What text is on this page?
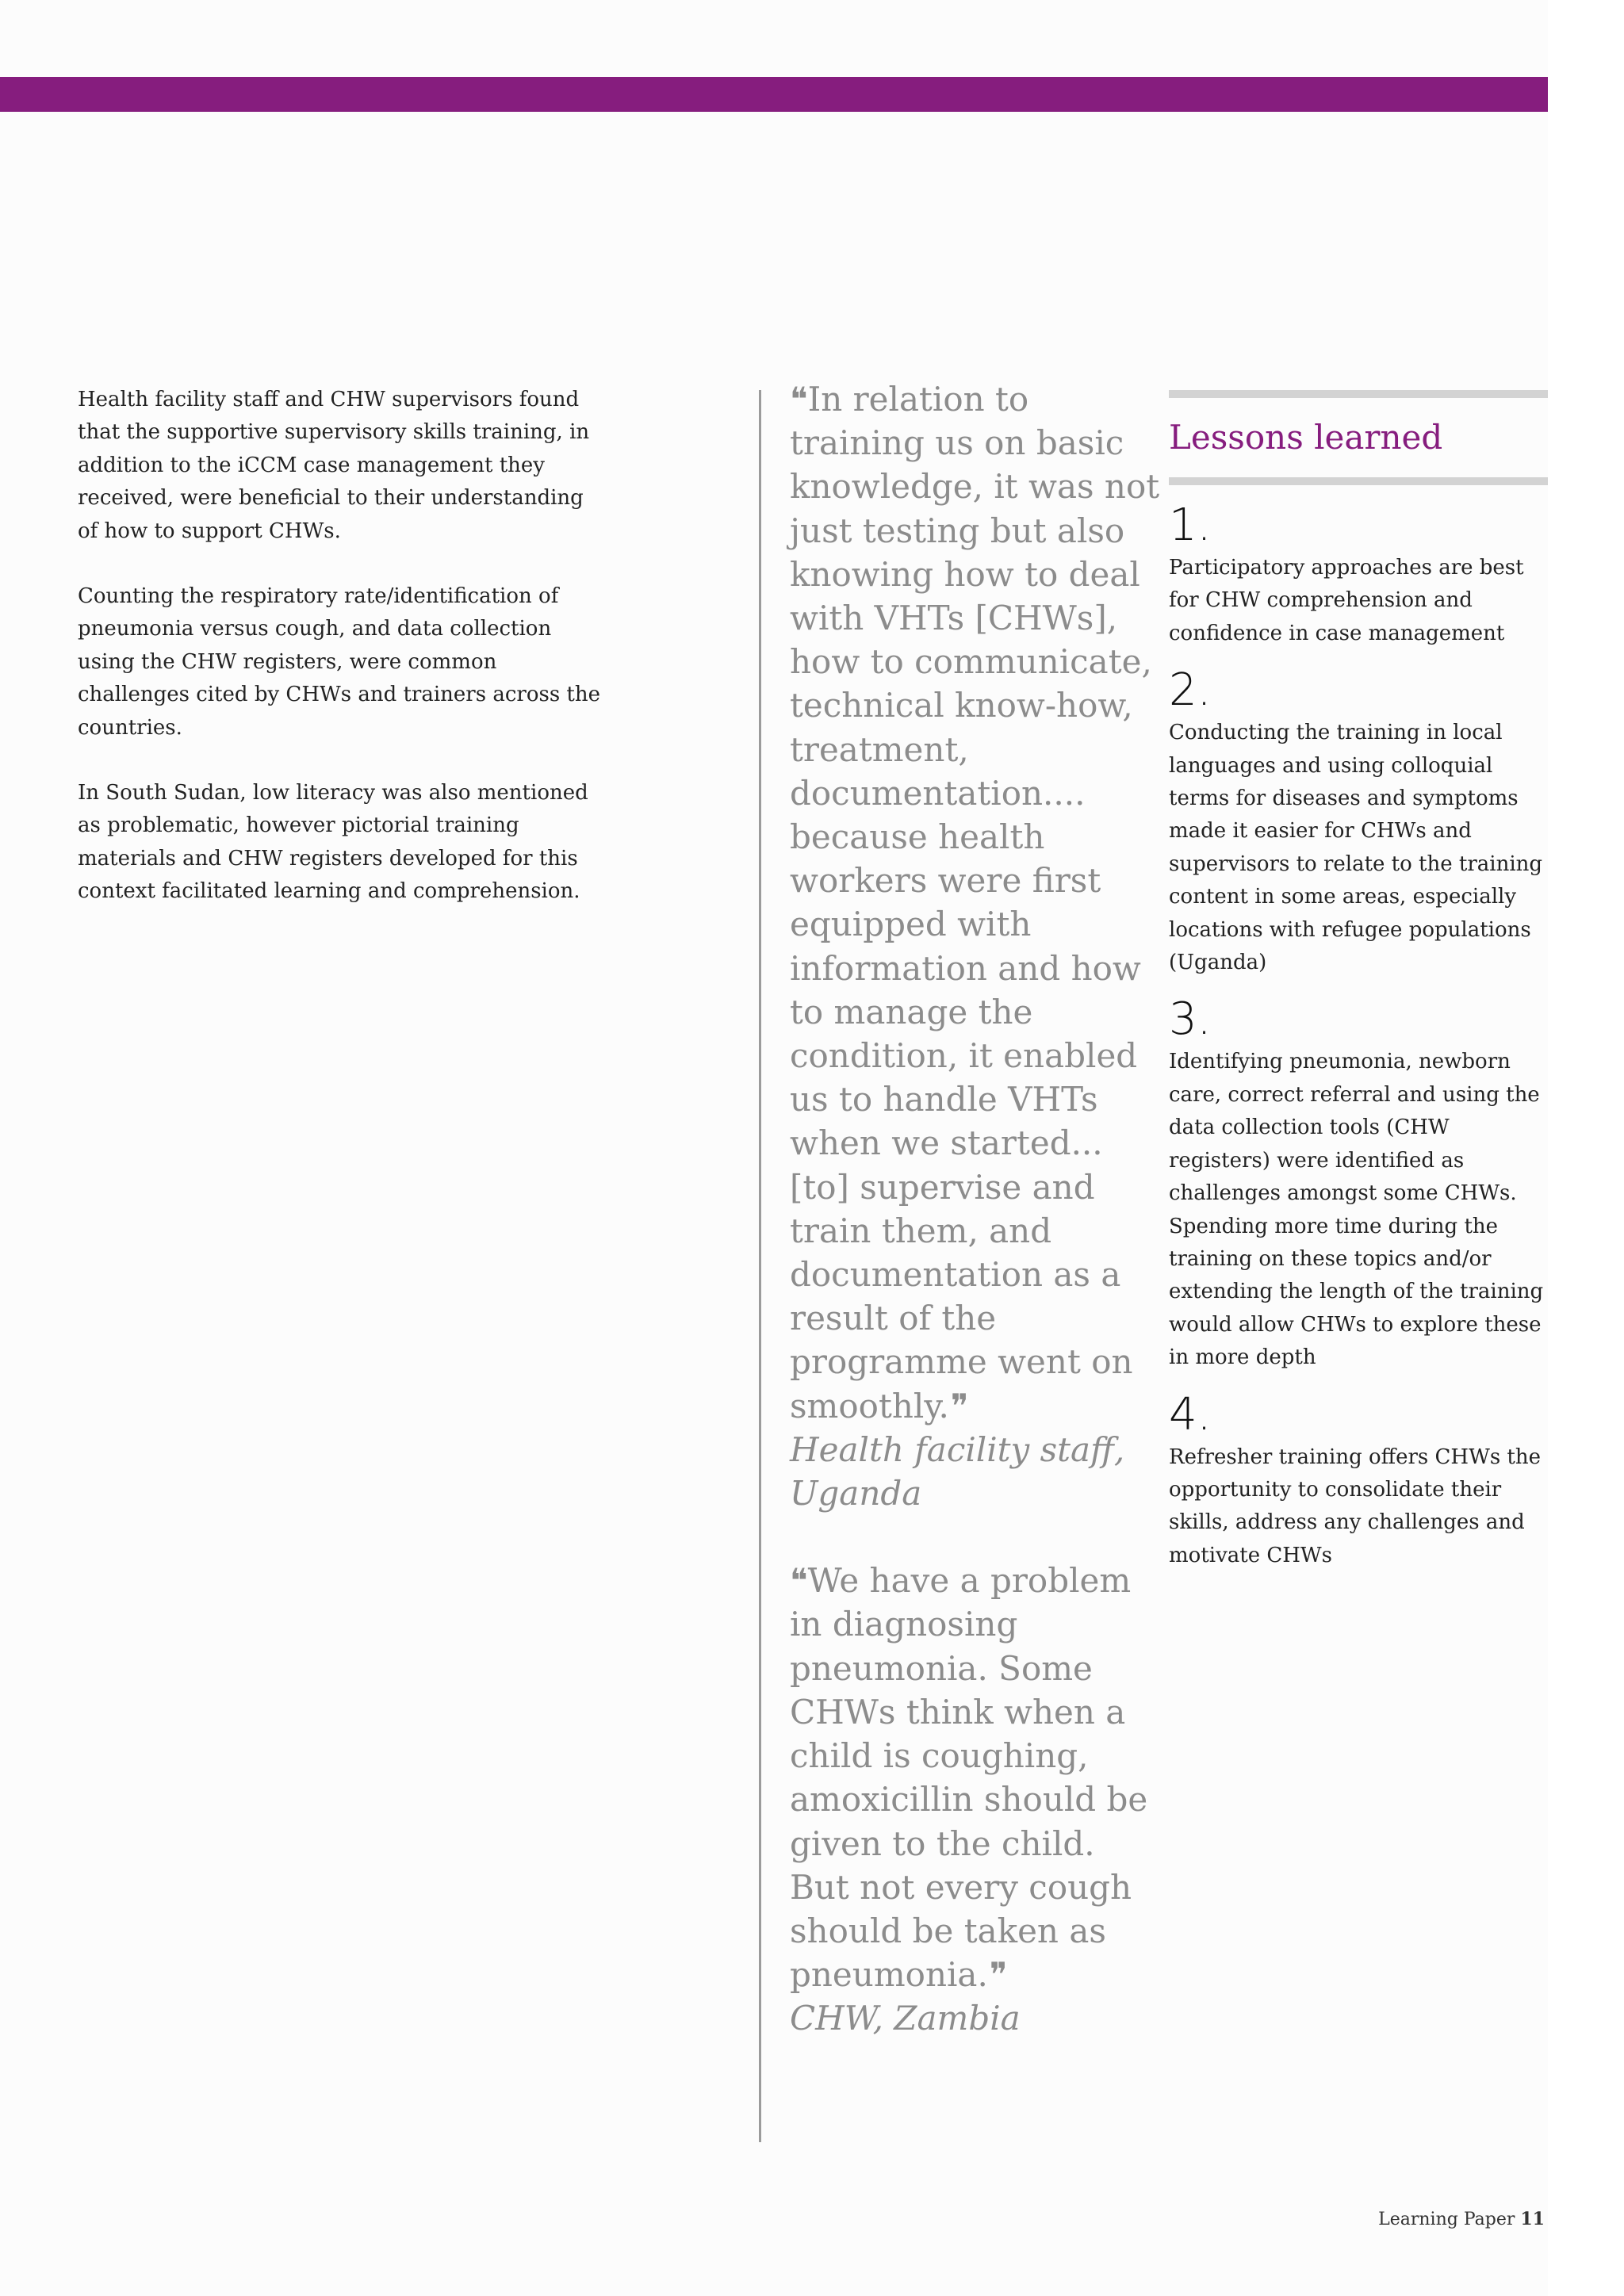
Health facility staff and CHW supervisors found that the supportive supervisory skills training, in addition to the iCCM case management they received, were beneficial to their understanding of how to support CHWs.

Counting the respiratory rate/identification of pneumonia versus cough, and data collection using the CHW registers, were common challenges cited by CHWs and trainers across the countries.

In South Sudan, low literacy was also mentioned as problematic, however pictorial training materials and CHW registers developed for this context facilitated learning and comprehension.

❝ In relation to training us on basic knowledge, it was not just testing but also knowing how to deal with VHTs [CHWs], how to communicate, technical know-how, treatment, documentation.... because health workers were first equipped with information and how to manage the condition, it enabled us to handle VHTs when we started... [to] supervise and train them, and documentation as a result of the programme went on smoothly.❞
Health facility staff, Uganda
❝ We have a problem in diagnosing pneumonia. Some CHWs think when a child is coughing, amoxicillin should be given to the child. But not every cough should be taken as pneumonia.❞
CHW, Zambia
Lessons learned
1.
Participatory approaches are best for CHW comprehension and confidence in case management
2.
Conducting the training in local languages and using colloquial terms for diseases and symptoms made it easier for CHWs and supervisors to relate to the training content in some areas, especially locations with refugee populations (Uganda)
3.
Identifying pneumonia, newborn care, correct referral and using the data collection tools (CHW registers) were identified as challenges amongst some CHWs. Spending more time during the training on these topics and/or extending the length of the training would allow CHWs to explore these in more depth
4.
Refresher training offers CHWs the opportunity to consolidate their skills, address any challenges and motivate CHWs
Learning Paper 11
